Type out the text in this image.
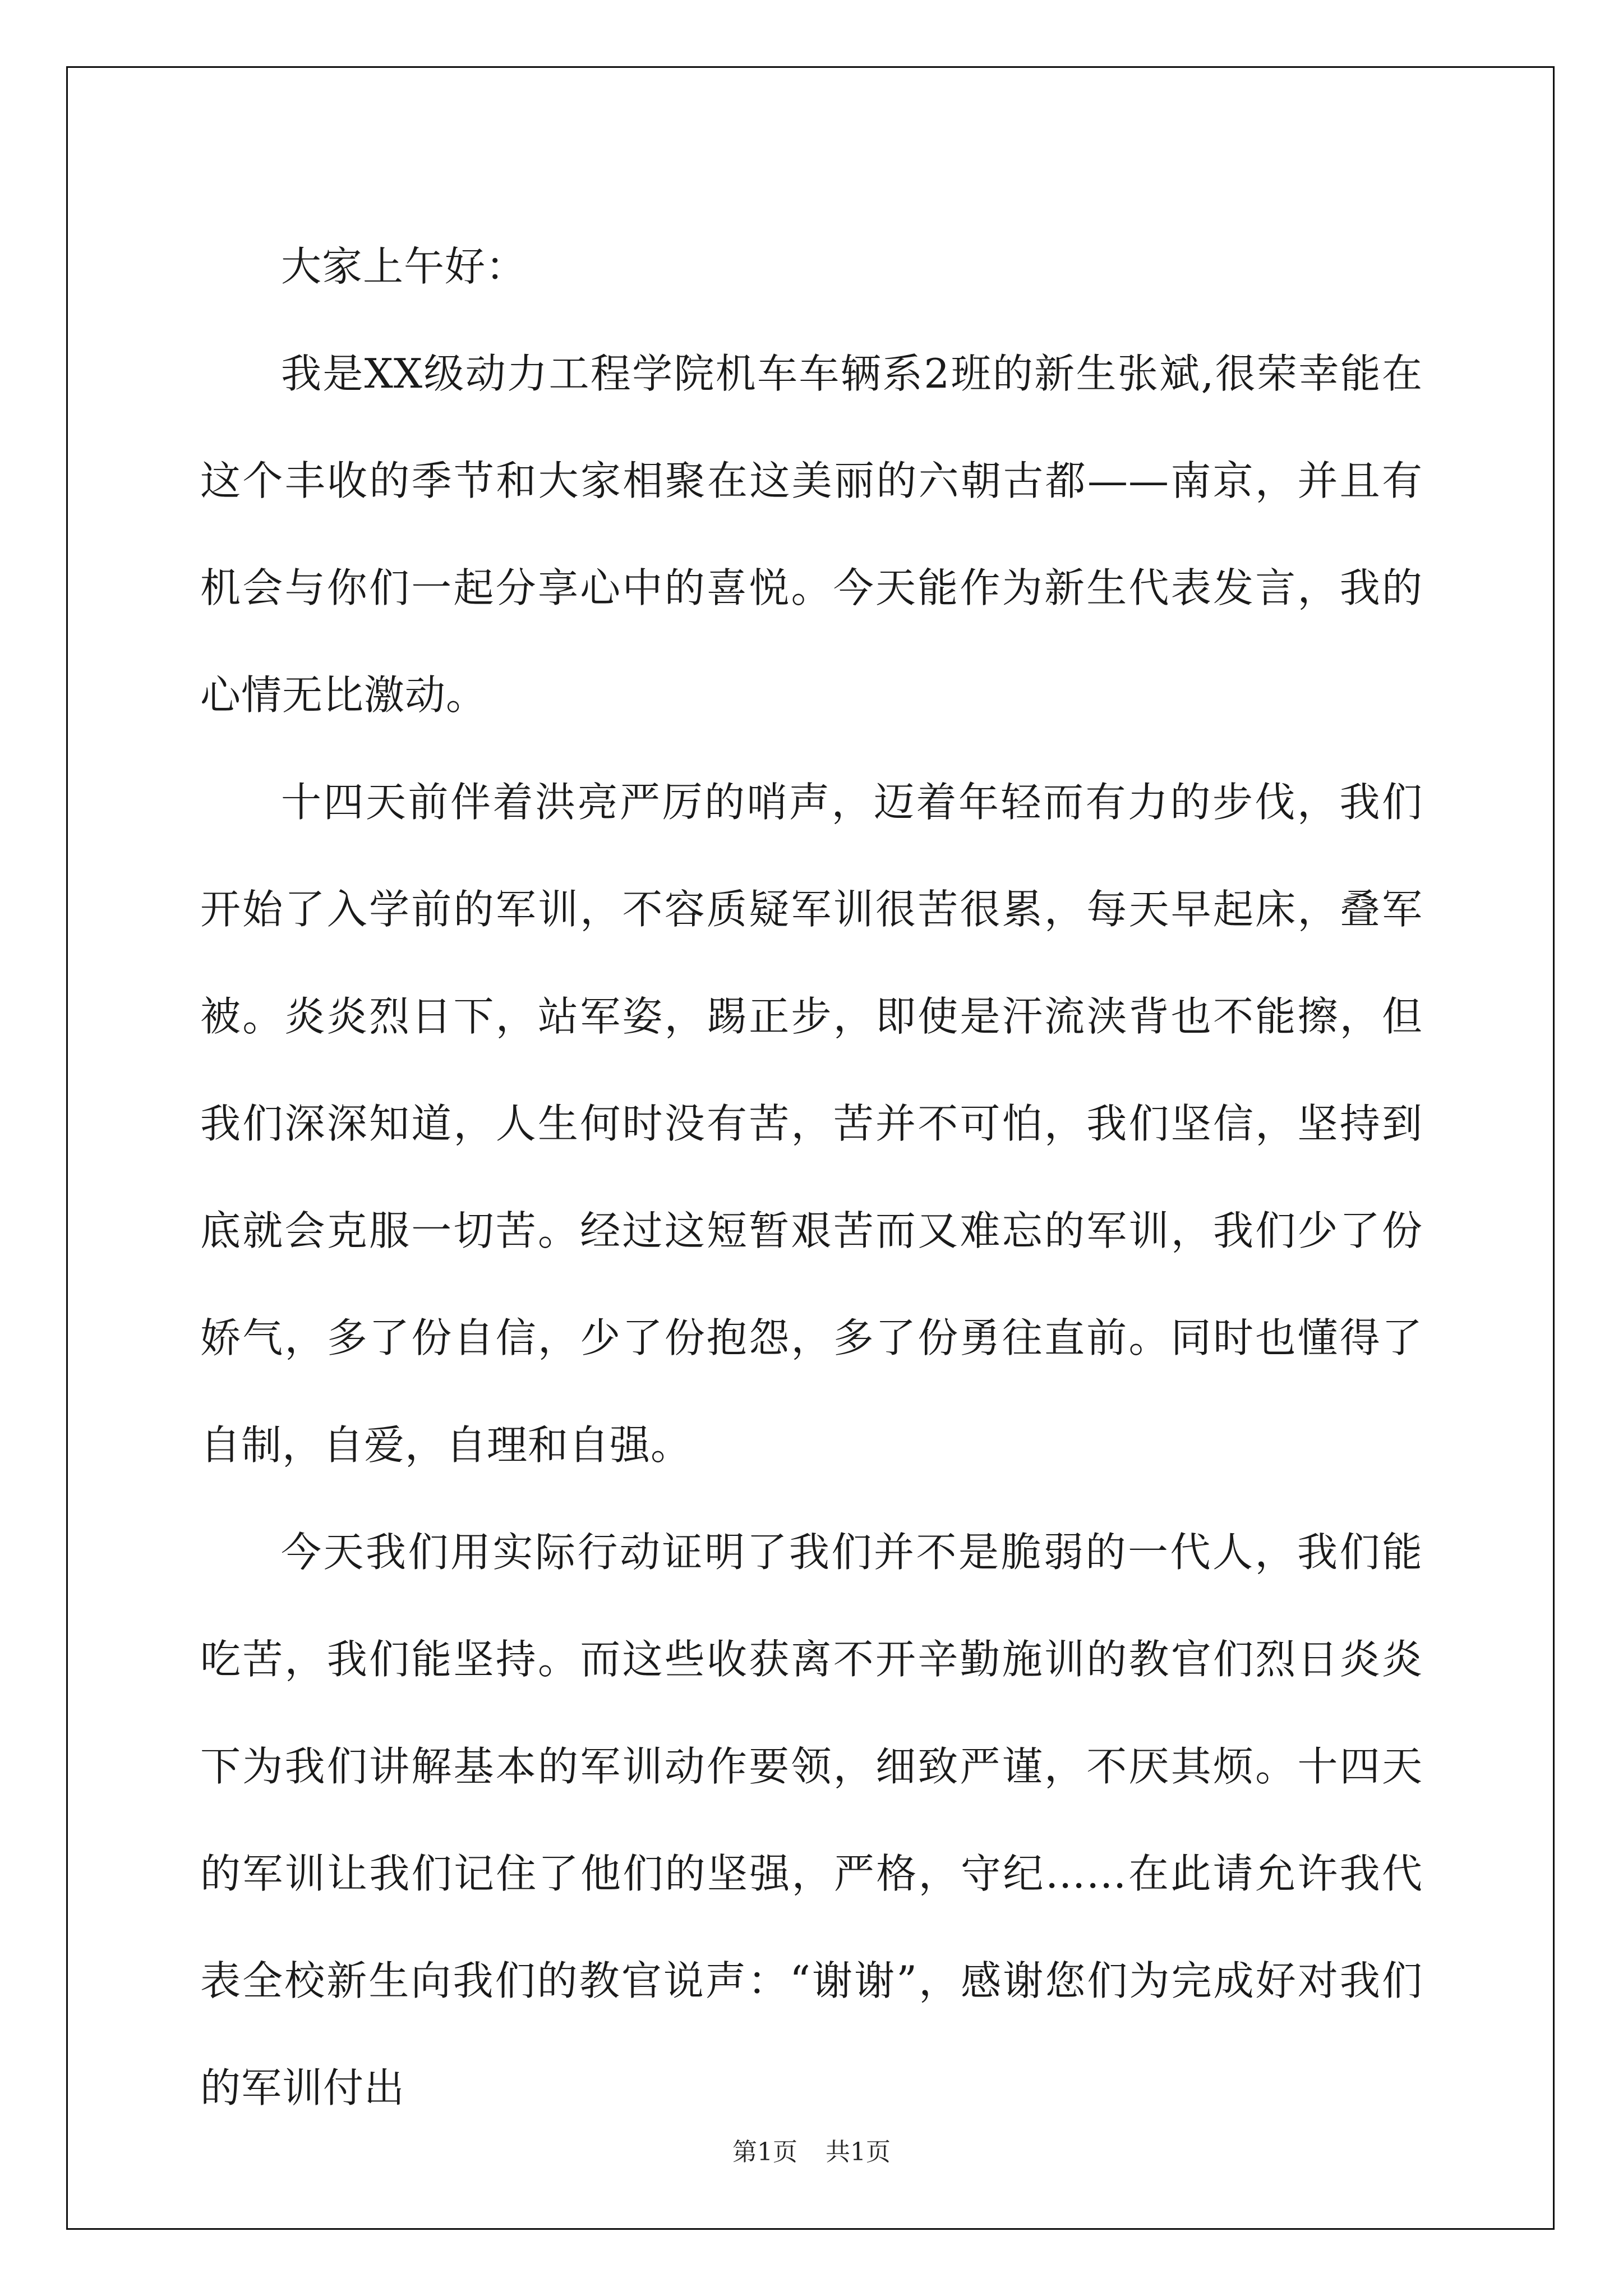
大家上午好：

我是XX级动力工程学院机车车辆系2班的新生张斌,很荣幸能在这个丰收的季节和大家相聚在这美丽的六朝古都——南京，并且有机会与你们一起分享心中的喜悦。今天能作为新生代表发言，我的心情无比激动。

十四天前伴着洪亮严厉的哨声，迈着年轻而有力的步伐，我们开始了入学前的军训，不容质疑军训很苦很累，每天早起床，叠军被。炎炎烈日下，站军姿，踢正步，即使是汗流浃背也不能擦，但我们深深知道，人生何时没有苦，苦并不可怕，我们坚信，坚持到底就会克服一切苦。经过这短暂艰苦而又难忘的军训，我们少了份娇气，多了份自信，少了份抱怨，多了份勇往直前。同时也懂得了自制，自爱，自理和自强。

今天我们用实际行动证明了我们并不是脆弱的一代人，我们能吃苦，我们能坚持。而这些收获离不开辛勤施训的教官们烈日炎炎下为我们讲解基本的军训动作要领，细致严谨，不厌其烦。十四天的军训让我们记住了他们的坚强，严格，守纪……在此请允许我代表全校新生向我们的教官说声：“谢谢”，感谢您们为完成好对我们的军训付出

第1页 共1页
